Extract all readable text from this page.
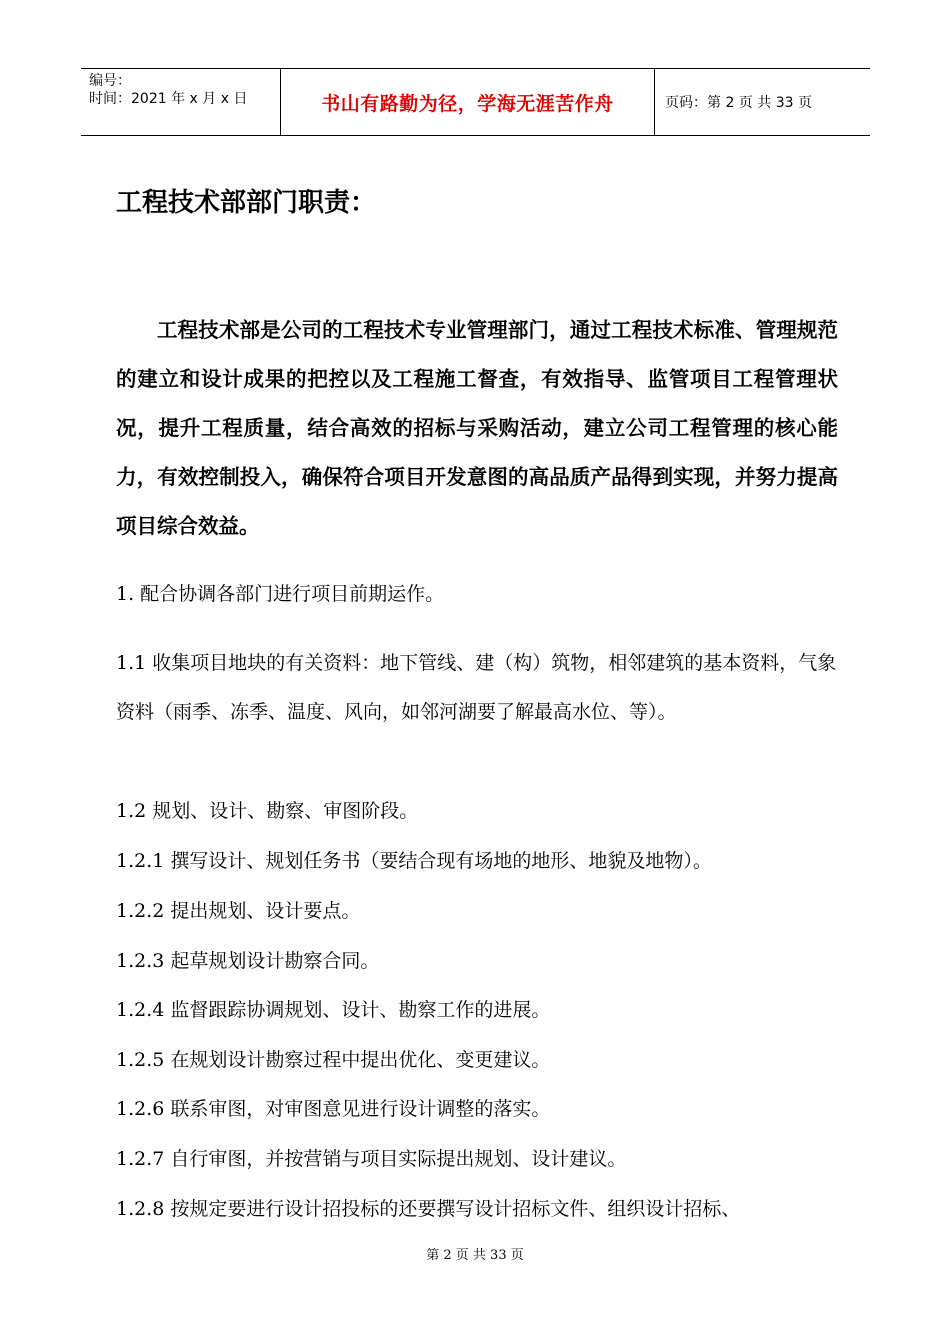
编号：
时间：2021 年 x 月 x 日	书山有路勤为径，学海无涯苦作舟	页码：第 2 页 共 33 页
工程技术部部门职责：

工程技术部是公司的工程技术专业管理部门，通过工程技术标准、管理规范的建立和设计成果的把控以及工程施工督查，有效指导、监管项目工程管理状况，提升工程质量，结合高效的招标与采购活动，建立公司工程管理的核心能力，有效控制投入，确保符合项目开发意图的高品质产品得到实现，并努力提高项目综合效益。

1. 配合协调各部门进行项目前期运作。

1.1 收集项目地块的有关资料：地下管线、建（构）筑物，相邻建筑的基本资料，气象资料（雨季、冻季、温度、风向，如邻河湖要了解最高水位、等）。

1.2 规划、设计、勘察、审图阶段。

1.2.1 撰写设计、规划任务书（要结合现有场地的地形、地貌及地物）。

1.2.2 提出规划、设计要点。

1.2.3 起草规划设计勘察合同。

1.2.4 监督跟踪协调规划、设计、勘察工作的进展。

1.2.5 在规划设计勘察过程中提出优化、变更建议。

1.2.6 联系审图，对审图意见进行设计调整的落实。

1.2.7 自行审图，并按营销与项目实际提出规划、设计建议。

1.2.8 按规定要进行设计招投标的还要撰写设计招标文件、组织设计招标、

第 2 页 共 33 页
